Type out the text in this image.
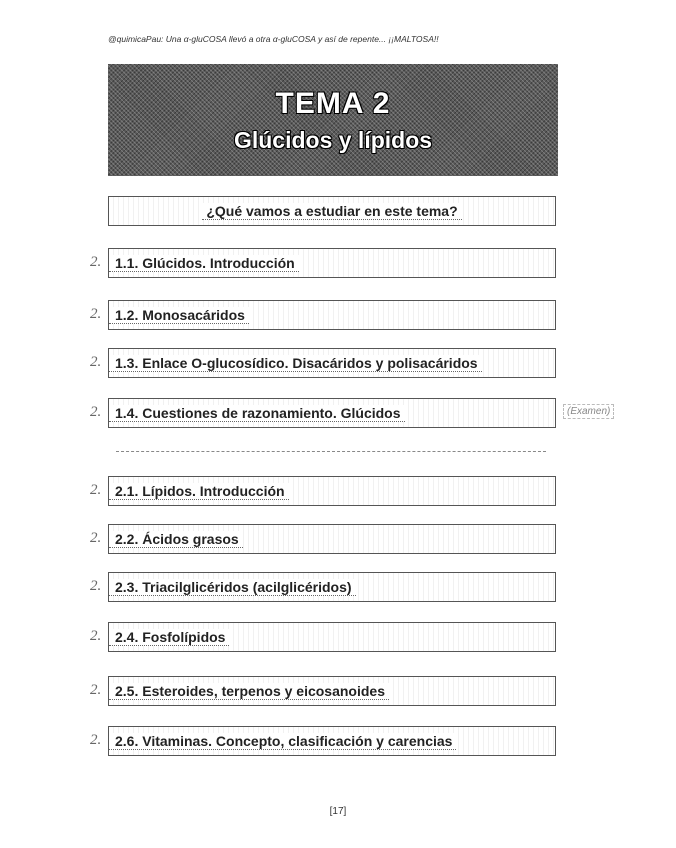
@quimicaPau: Una α-gluCOSA llevó a otra α-gluCOSA y así de repente... ¡¡MALTOSA!!
TEMA 2
Glúcidos y lípidos
¿Qué vamos a estudiar en este tema?
2. 1.1. Glúcidos. Introducción
2. 1.2. Monosacáridos
2. 1.3. Enlace O-glucosídico. Disacáridos y polisacáridos
2. 1.4. Cuestiones de razonamiento. Glúcidos	(Examen)
2. 2.1. Lípidos. Introducción
2. 2.2. Ácidos grasos
2. 2.3. Triacilglicéridos (acilglicéridos)
2. 2.4. Fosfolípidos
2. 2.5. Esteroides, terpenos y eicosanoides
2. 2.6. Vitaminas. Concepto, clasificación y carencias
[17]
